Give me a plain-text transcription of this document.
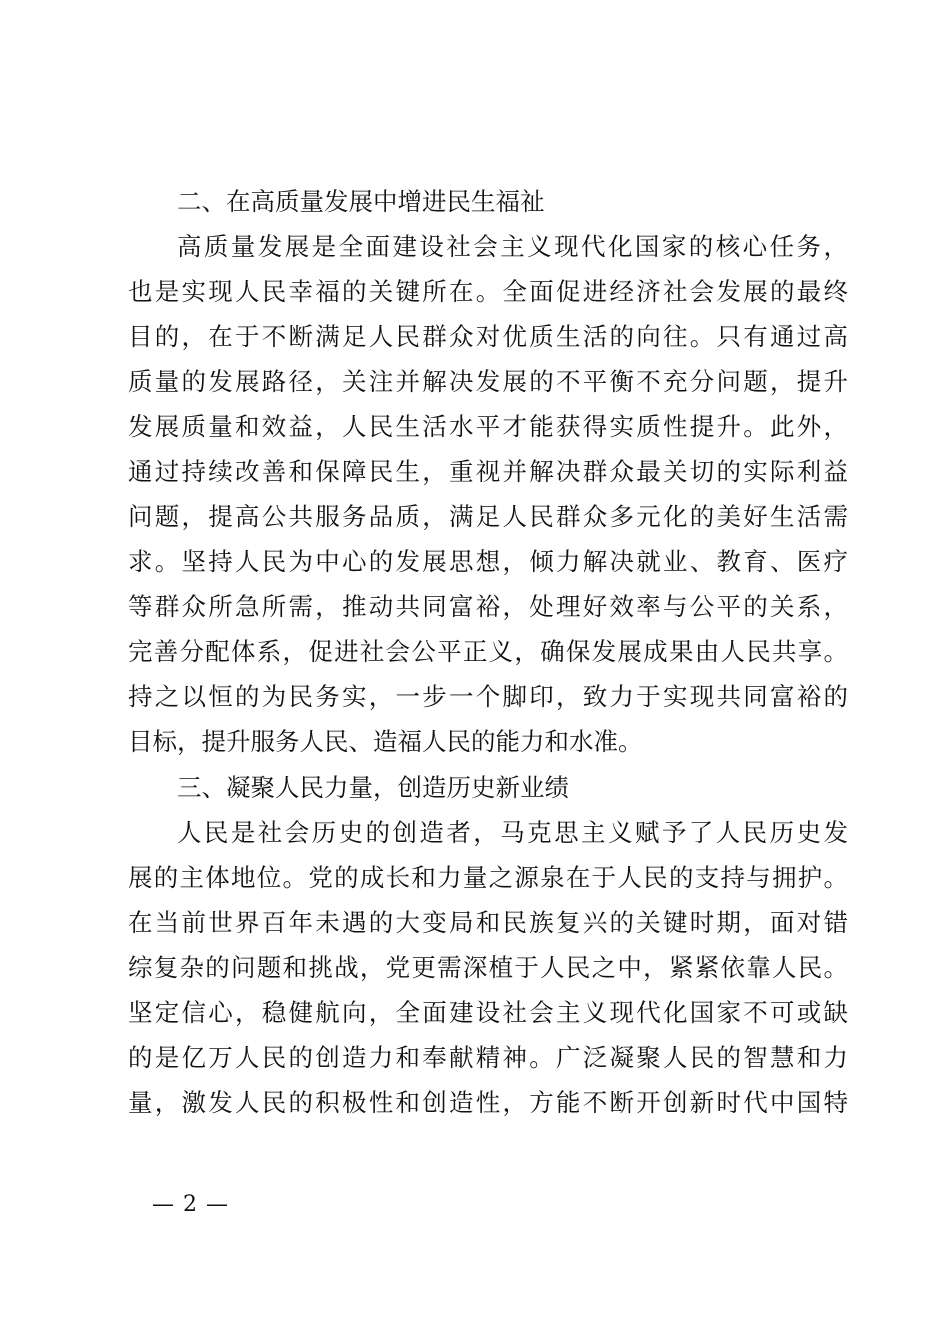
二、在高质量发展中增进民生福祉
高质量发展是全面建设社会主义现代化国家的核心任务，
也是实现人民幸福的关键所在。全面促进经济社会发展的最终
目的，在于不断满足人民群众对优质生活的向往。只有通过高
质量的发展路径，关注并解决发展的不平衡不充分问题，提升
发展质量和效益，人民生活水平才能获得实质性提升。此外，
通过持续改善和保障民生，重视并解决群众最关切的实际利益
问题，提高公共服务品质，满足人民群众多元化的美好生活需
求。坚持人民为中心的发展思想，倾力解决就业、教育、医疗
等群众所急所需，推动共同富裕，处理好效率与公平的关系，
完善分配体系，促进社会公平正义，确保发展成果由人民共享。
持之以恒的为民务实，一步一个脚印，致力于实现共同富裕的
目标，提升服务人民、造福人民的能力和水准。
三、凝聚人民力量，创造历史新业绩
人民是社会历史的创造者，马克思主义赋予了人民历史发
展的主体地位。党的成长和力量之源泉在于人民的支持与拥护。
在当前世界百年未遇的大变局和民族复兴的关键时期，面对错
综复杂的问题和挑战，党更需深植于人民之中，紧紧依靠人民。
坚定信心，稳健航向，全面建设社会主义现代化国家不可或缺
的是亿万人民的创造力和奉献精神。广泛凝聚人民的智慧和力
量，激发人民的积极性和创造性，方能不断开创新时代中国特
— 2 —
